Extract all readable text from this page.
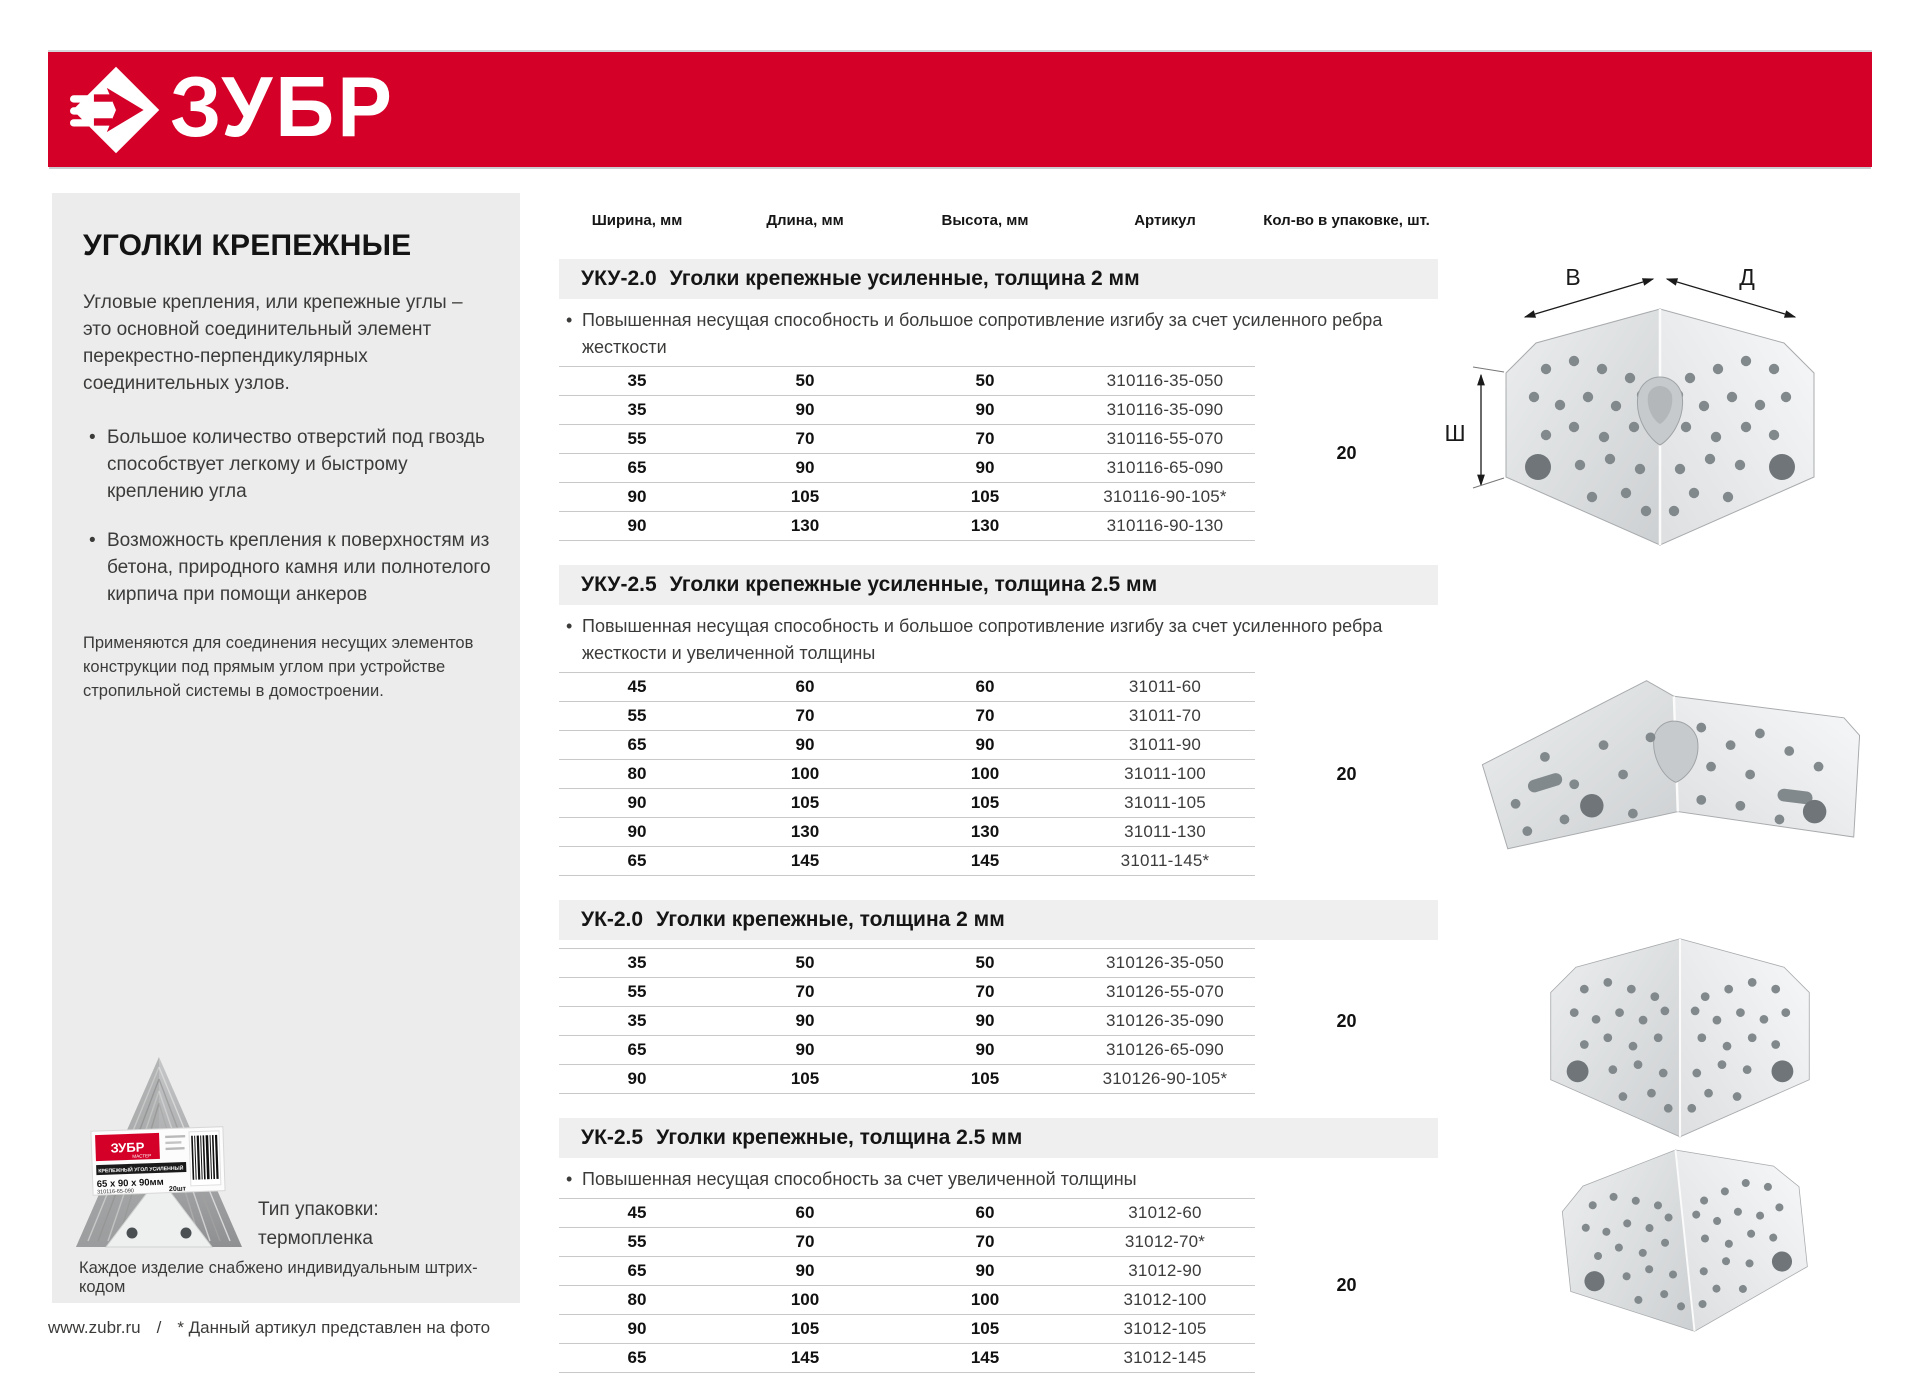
ЗУБР
УГОЛКИ КРЕПЕЖНЫЕ

Угловые крепления, или крепежные углы – это основной соединительный элемент перекрестно-перпендикулярных соединительных узлов.

•
Большое количество отверстий под гвоздь способствует легкому и быстрому креплению угла
•
Возможность крепления к поверхностям из бетона, природного камня или полнотелого кирпича при помощи анкеров

Применяются для соединения несущих элементов конструкции под прямым углом при устройстве стропильной системы в домостроении.

ЗУБР
МАСТЕР
КРЕПЕЖНЫЙ УГОЛ УСИЛЕННЫЙ
65 x 90 x 90мм
310116-65-090	20шт
Тип упаковки:
термопленка
Каждое изделие снабжено индивидуальным штрих-кодом
Ширина, мм	Длина, мм	Высота, мм	Артикул	Кол-во в упаковке, шт.
УКУ-2.0 Уголки крепежные усиленные, толщина 2 мм
•
Повышенная несущая способность и большое сопротивление изгибу за счет усиленного ребра жесткости
35	50	50	310116-35-050
35	90	90	310116-35-090
55	70	70	310116-55-070
65	90	90	310116-65-090
90	105	105	310116-90-105*
90	130	130	310116-90-130
20
УКУ-2.5 Уголки крепежные усиленные, толщина 2.5 мм
•
Повышенная несущая способность и большое сопротивление изгибу за счет усиленного ребра жесткости и увеличенной толщины
45	60	60	31011-60
55	70	70	31011-70
65	90	90	31011-90
80	100	100	31011-100
90	105	105	31011-105
90	130	130	31011-130
65	145	145	31011-145*
20
УК-2.0 Уголки крепежные, толщина 2 мм
35	50	50	310126-35-050
55	70	70	310126-55-070
35	90	90	310126-35-090
65	90	90	310126-65-090
90	105	105	310126-90-105*
20
УК-2.5 Уголки крепежные, толщина 2.5 мм
•
Повышенная несущая способность за счет увеличенной толщины
45	60	60	31012-60
55	70	70	31012-70*
65	90	90	31012-90
80	100	100	31012-100
90	105	105	31012-105
65	145	145	31012-145
20
В	Д
Ш
www.zubr.ru / * Данный артикул представлен на фото
